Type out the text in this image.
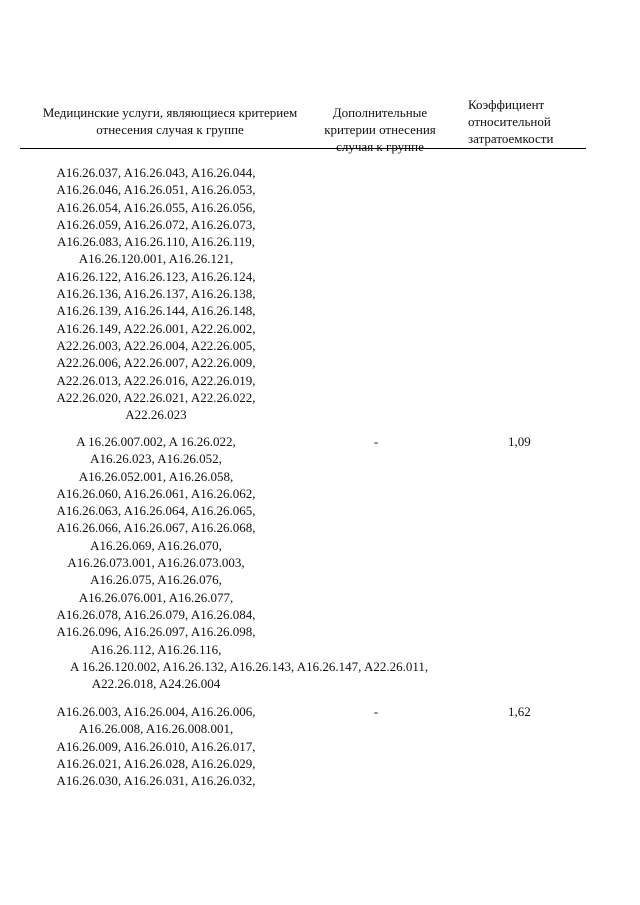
Медицинские услуги, являющиеся критерием отнесения случая к группе
Дополнительные критерии отнесения случая к группе
Коэффициент
относительной
затратоемкости
A16.26.037, A16.26.043, A16.26.044,
A16.26.046, A16.26.051, A16.26.053,
A16.26.054, A16.26.055, A16.26.056,
A16.26.059, A16.26.072, A16.26.073,
A16.26.083, A16.26.110, A16.26.119,
A16.26.120.001, A16.26.121,
A16.26.122, A16.26.123, A16.26.124,
A16.26.136, A16.26.137, A16.26.138,
A16.26.139, A16.26.144, A16.26.148,
A16.26.149, A22.26.001, A22.26.002,
A22.26.003, A22.26.004, A22.26.005,
A22.26.006, A22.26.007, A22.26.009,
A22.26.013, A22.26.016, A22.26.019,
A22.26.020, A22.26.021, A22.26.022,
A22.26.023
A 16.26.007.002, A 16.26.022,
A16.26.023, A16.26.052,
A16.26.052.001, A16.26.058,
A16.26.060, A16.26.061, A16.26.062,
A16.26.063, A16.26.064, A16.26.065,
A16.26.066, A16.26.067, A16.26.068,
A16.26.069, A16.26.070,
A16.26.073.001, A16.26.073.003,
A16.26.075, A16.26.076,
A16.26.076.001, A16.26.077,
A16.26.078, A16.26.079, A16.26.084,
A16.26.096, A16.26.097, A16.26.098,
A16.26.112, A16.26.116,
A 16.26.120.002, A16.26.132, A16.26.143, A16.26.147, A22.26.011,
A22.26.018, A24.26.004
-	1,09
A16.26.003, A16.26.004, A16.26.006,
A16.26.008, A16.26.008.001,
A16.26.009, A16.26.010, A16.26.017,
A16.26.021, A16.26.028, A16.26.029,
A16.26.030, A16.26.031, A16.26.032,
-	1,62
